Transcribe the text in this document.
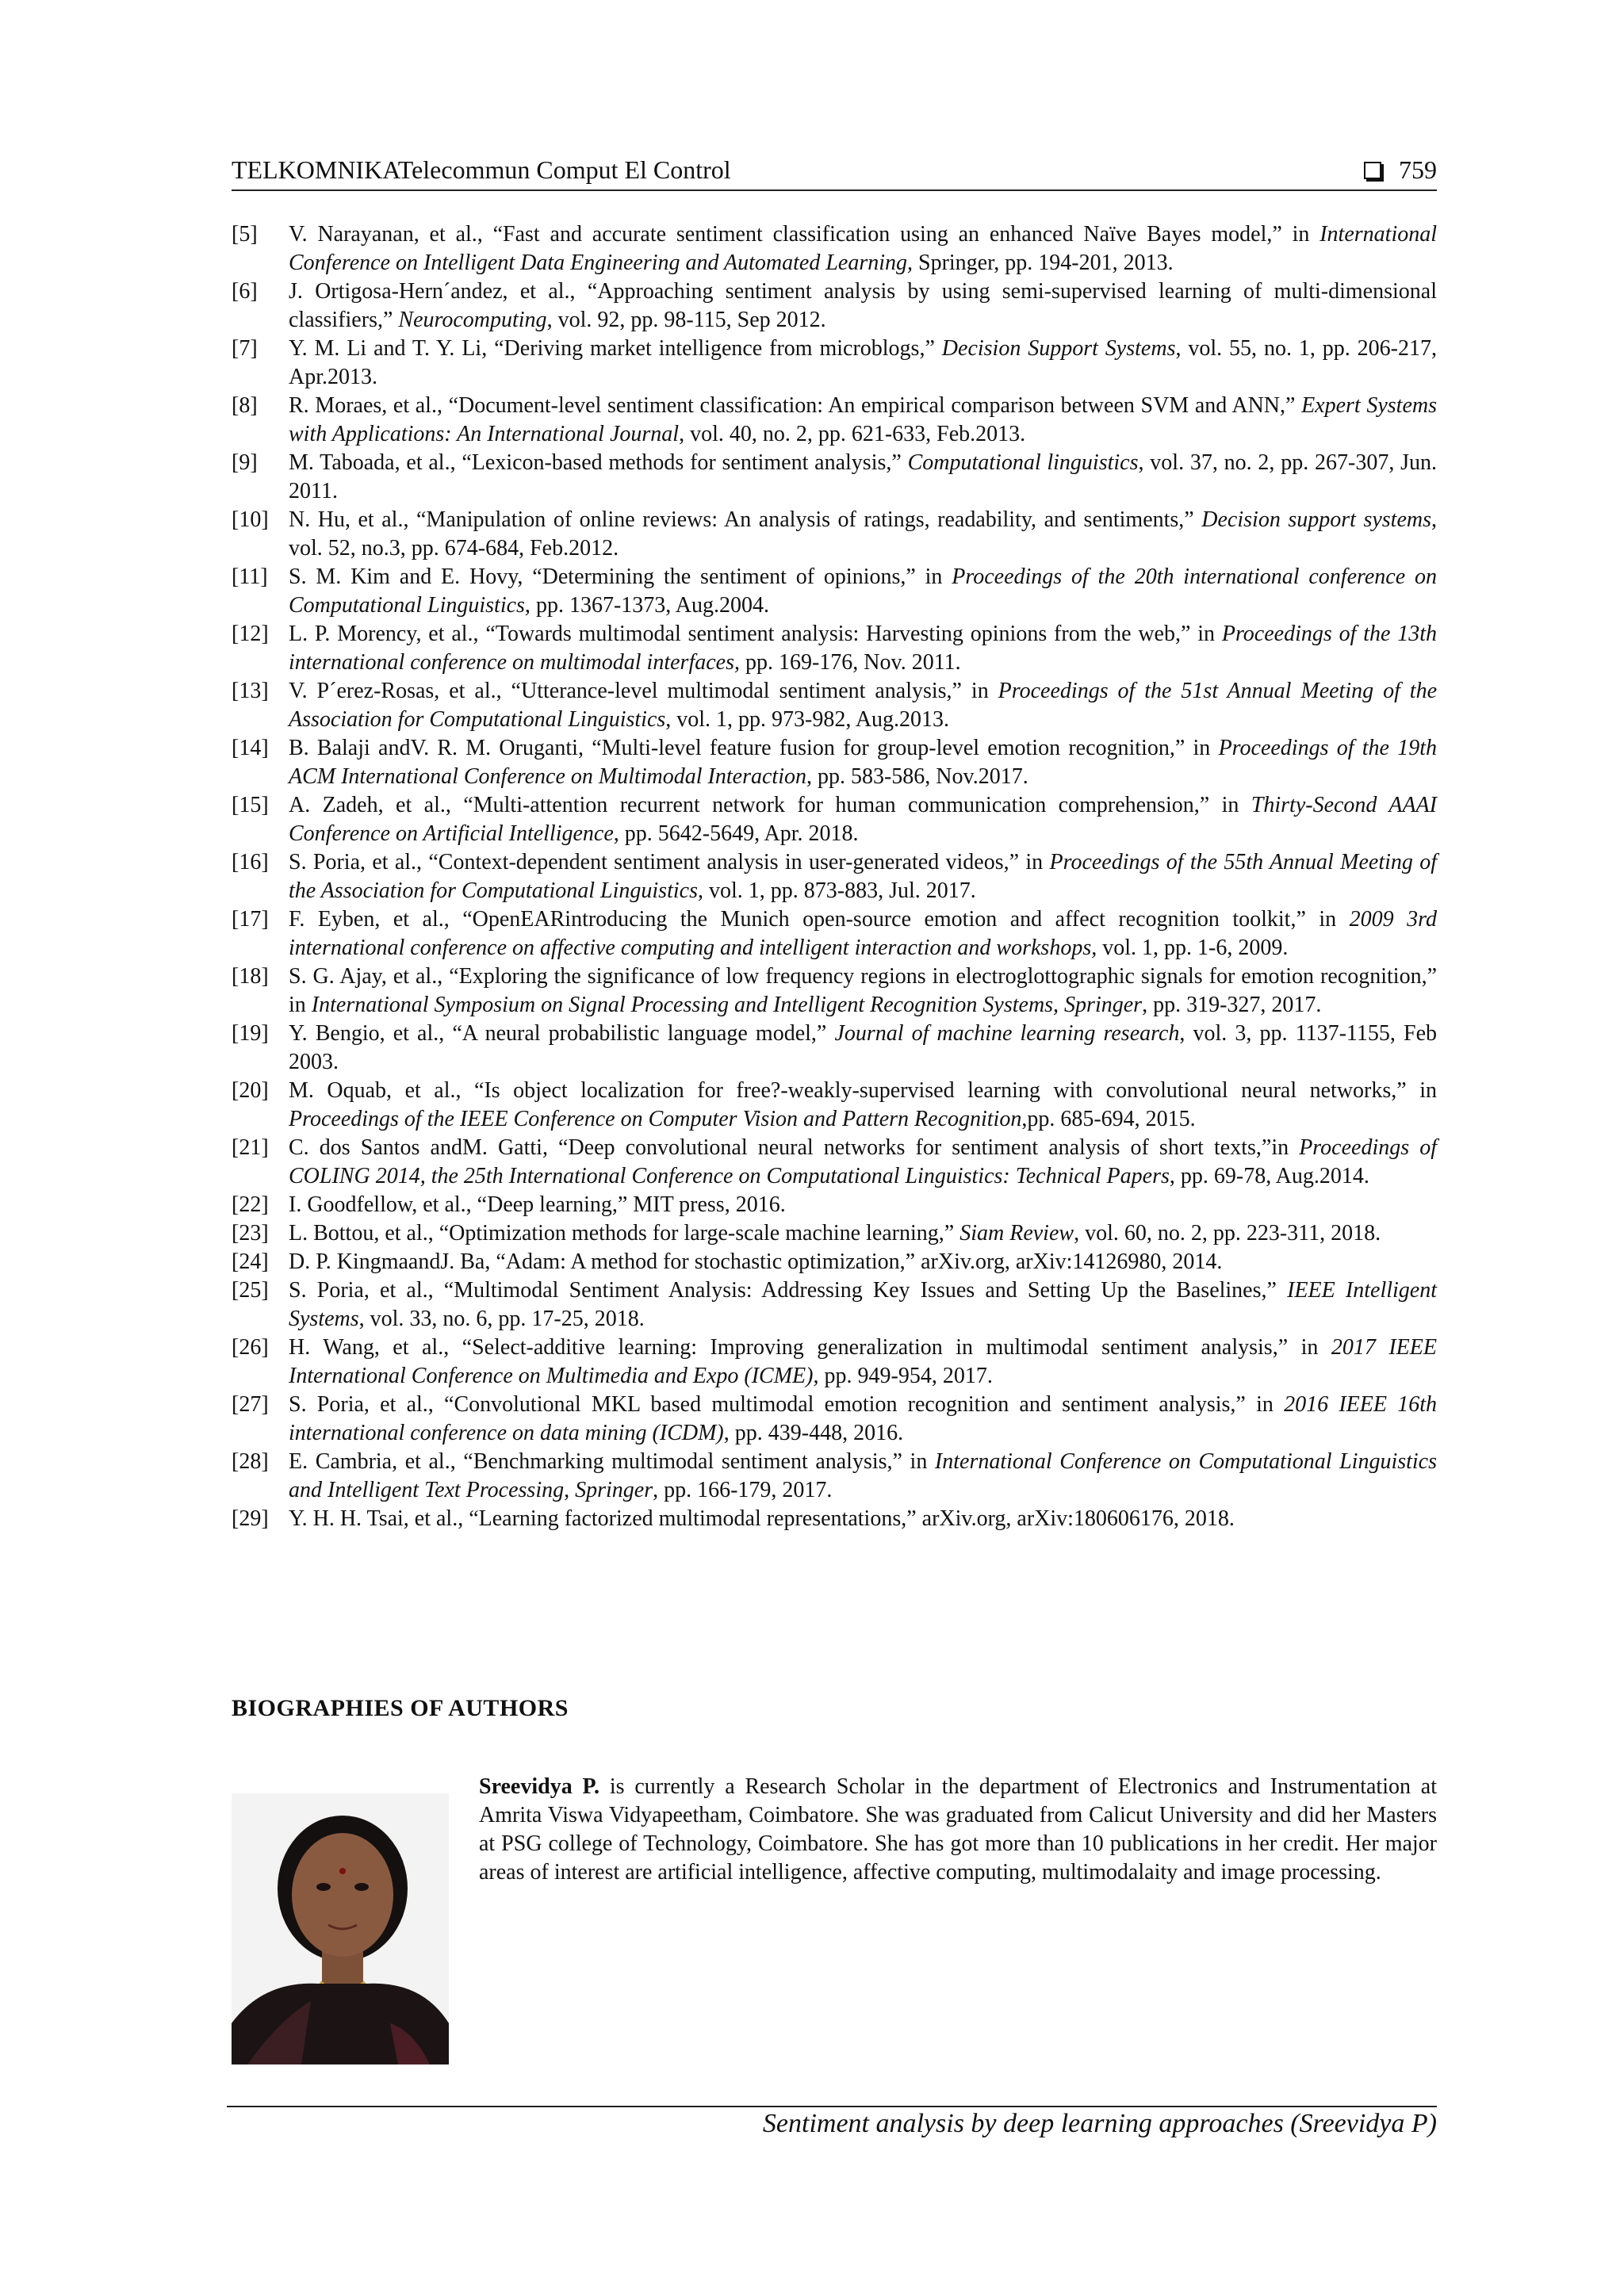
TELKOMNIKATelecommun Comput El Control	759
[5]	V. Narayanan, et al., “Fast and accurate sentiment classification using an enhanced Naïve Bayes model,” in International Conference on Intelligent Data Engineering and Automated Learning, Springer, pp. 194-201, 2013.
[6]	J. Ortigosa-Hern´andez, et al., “Approaching sentiment analysis by using semi-supervised learning of multi-dimensional classifiers,” Neurocomputing, vol. 92, pp. 98-115, Sep 2012.
[7]	Y. M. Li and T. Y. Li, “Deriving market intelligence from microblogs,” Decision Support Systems, vol. 55, no. 1, pp. 206-217, Apr.2013.
[8]	R. Moraes, et al., “Document-level sentiment classification: An empirical comparison between SVM and ANN,” Expert Systems with Applications: An International Journal, vol. 40, no. 2, pp. 621-633, Feb.2013.
[9]	M. Taboada, et al., “Lexicon-based methods for sentiment analysis,” Computational linguistics, vol. 37, no. 2, pp. 267-307, Jun. 2011.
[10] N. Hu, et al., “Manipulation of online reviews: An analysis of ratings, readability, and sentiments,” Decision support systems, vol. 52, no.3, pp. 674-684, Feb.2012.
[11] S. M. Kim and E. Hovy, “Determining the sentiment of opinions,” in Proceedings of the 20th international conference on Computational Linguistics, pp. 1367-1373, Aug.2004.
[12] L. P. Morency, et al., “Towards multimodal sentiment analysis: Harvesting opinions from the web,” in Proceedings of the 13th international conference on multimodal interfaces, pp. 169-176, Nov. 2011.
[13] V. P´erez-Rosas, et al., “Utterance-level multimodal sentiment analysis,” in Proceedings of the 51st Annual Meeting of the Association for Computational Linguistics, vol. 1, pp. 973-982, Aug.2013.
[14] B. Balaji andV. R. M. Oruganti, “Multi-level feature fusion for group-level emotion recognition,” in Proceedings of the 19th ACM International Conference on Multimodal Interaction, pp. 583-586, Nov.2017.
[15] A. Zadeh, et al., “Multi-attention recurrent network for human communication comprehension,” in Thirty-Second AAAI Conference on Artificial Intelligence, pp. 5642-5649, Apr. 2018.
[16] S. Poria, et al., “Context-dependent sentiment analysis in user-generated videos,” in Proceedings of the 55th Annual Meeting of the Association for Computational Linguistics, vol. 1, pp. 873-883, Jul. 2017.
[17] F. Eyben, et al., “OpenEARintroducing the Munich open-source emotion and affect recognition toolkit,” in 2009 3rd international conference on affective computing and intelligent interaction and workshops, vol. 1, pp. 1-6, 2009.
[18] S. G. Ajay, et al., “Exploring the significance of low frequency regions in electroglottographic signals for emotion recognition,” in International Symposium on Signal Processing and Intelligent Recognition Systems, Springer, pp. 319-327, 2017.
[19] Y. Bengio, et al., “A neural probabilistic language model,” Journal of machine learning research, vol. 3, pp. 1137-1155, Feb 2003.
[20] M. Oquab, et al., “Is object localization for free?-weakly-supervised learning with convolutional neural networks,” in Proceedings of the IEEE Conference on Computer Vision and Pattern Recognition,pp. 685-694, 2015.
[21] C. dos Santos andM. Gatti, “Deep convolutional neural networks for sentiment analysis of short texts,”in Proceedings of COLING 2014, the 25th International Conference on Computational Linguistics: Technical Papers, pp. 69-78, Aug.2014.
[22] I. Goodfellow, et al., “Deep learning,” MIT press, 2016.
[23] L. Bottou, et al., “Optimization methods for large-scale machine learning,” Siam Review, vol. 60, no. 2, pp. 223-311, 2018.
[24] D. P. KingmaandJ. Ba, “Adam: A method for stochastic optimization,” arXiv.org, arXiv:14126980, 2014.
[25] S. Poria, et al., “Multimodal Sentiment Analysis: Addressing Key Issues and Setting Up the Baselines,” IEEE Intelligent Systems, vol. 33, no. 6, pp. 17-25, 2018.
[26] H. Wang, et al., “Select-additive learning: Improving generalization in multimodal sentiment analysis,” in 2017 IEEE International Conference on Multimedia and Expo (ICME), pp. 949-954, 2017.
[27] S. Poria, et al., “Convolutional MKL based multimodal emotion recognition and sentiment analysis,” in 2016 IEEE 16th international conference on data mining (ICDM), pp. 439-448, 2016.
[28] E. Cambria, et al., “Benchmarking multimodal sentiment analysis,” in International Conference on Computational Linguistics and Intelligent Text Processing, Springer, pp. 166-179, 2017.
[29] Y. H. H. Tsai, et al., “Learning factorized multimodal representations,” arXiv.org, arXiv:180606176, 2018.
BIOGRAPHIES OF AUTHORS
Sreevidya P. is currently a Research Scholar in the department of Electronics and Instrumentation at Amrita Viswa Vidyapeetham, Coimbatore. She was graduated from Calicut University and did her Masters at PSG college of Technology, Coimbatore. She has got more than 10 publications in her credit. Her major areas of interest are artificial intelligence, affective computing, multimodalaity and image processing.
Sentiment analysis by deep learning approaches (Sreevidya P)
